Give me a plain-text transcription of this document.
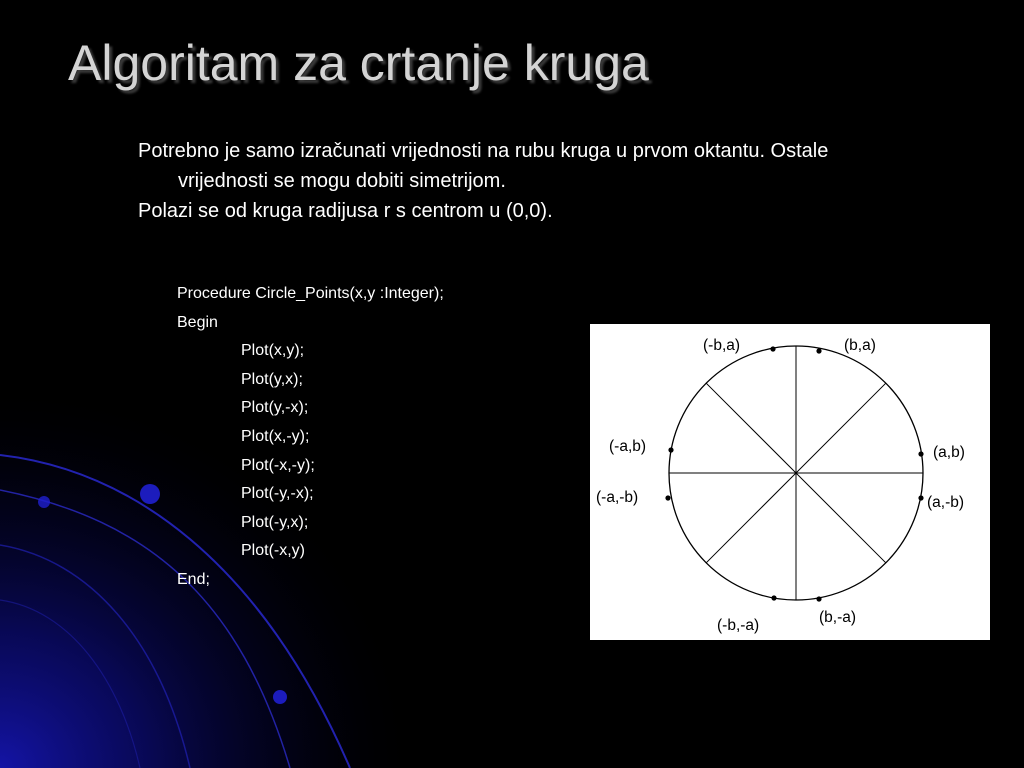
Algoritam za crtanje kruga
Potrebno je samo izračunati vrijednosti na rubu kruga u prvom oktantu. Ostale vrijednosti se mogu dobiti simetrijom.
Polazi se od kruga radijusa r s centrom u (0,0).
Procedure Circle_Points(x,y :Integer);
Begin
Plot(x,y);
Plot(y,x);
Plot(y,-x);
Plot(x,-y);
Plot(-x,-y);
Plot(-y,-x);
Plot(-y,x);
Plot(-x,y)
End;
(-b,a)	(b,a)
(-a,b)	(a,b)
(-a,-b)	(a,-b)
(-b,-a)	(b,-a)
